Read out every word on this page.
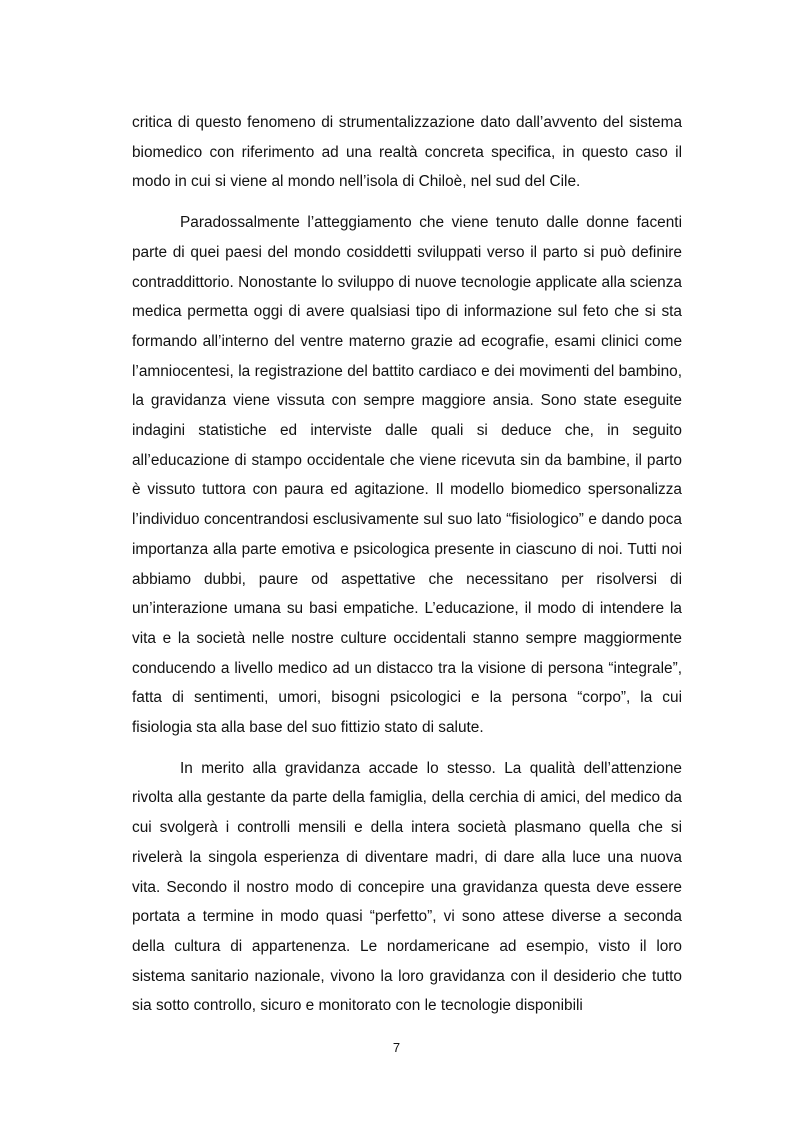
critica di questo fenomeno di strumentalizzazione dato dall’avvento del sistema biomedico con riferimento ad una realtà concreta specifica, in questo caso il modo in cui si viene al mondo nell’isola di Chiloè, nel sud del Cile.

Paradossalmente l’atteggiamento che viene tenuto dalle donne facenti parte di quei paesi del mondo cosiddetti sviluppati verso il parto si può definire contraddittorio. Nonostante lo sviluppo di nuove tecnologie applicate alla scienza medica permetta oggi di avere qualsiasi tipo di informazione sul feto che si sta formando all’interno del ventre materno grazie ad ecografie, esami clinici come l’amniocentesi, la registrazione del battito cardiaco e dei movimenti del bambino, la gravidanza viene vissuta con sempre maggiore ansia. Sono state eseguite indagini statistiche ed interviste dalle quali si deduce che, in seguito all’educazione di stampo occidentale che viene ricevuta sin da bambine, il parto è vissuto tuttora con paura ed agitazione. Il modello biomedico spersonalizza l’individuo concentrandosi esclusivamente sul suo lato “fisiologico” e dando poca importanza alla parte emotiva e psicologica presente in ciascuno di noi. Tutti noi abbiamo dubbi, paure od aspettative che necessitano per risolversi di un’interazione umana su basi empatiche. L’educazione, il modo di intendere la vita e la società nelle nostre culture occidentali stanno sempre maggiormente conducendo a livello medico ad un distacco tra la visione di persona “integrale”, fatta di sentimenti, umori, bisogni psicologici e la persona “corpo”, la cui fisiologia sta alla base del suo fittizio stato di salute.

In merito alla gravidanza accade lo stesso. La qualità dell’attenzione rivolta alla gestante da parte della famiglia, della cerchia di amici, del medico da cui svolgerà i controlli mensili e della intera società plasmano quella che si rivelerà la singola esperienza di diventare madri, di dare alla luce una nuova vita. Secondo il nostro modo di concepire una gravidanza questa deve essere portata a termine in modo quasi “perfetto”, vi sono attese diverse a seconda della cultura di appartenenza. Le nordamericane ad esempio, visto il loro sistema sanitario nazionale, vivono la loro gravidanza con il desiderio che tutto sia sotto controllo, sicuro e monitorato con le tecnologie disponibili

7
